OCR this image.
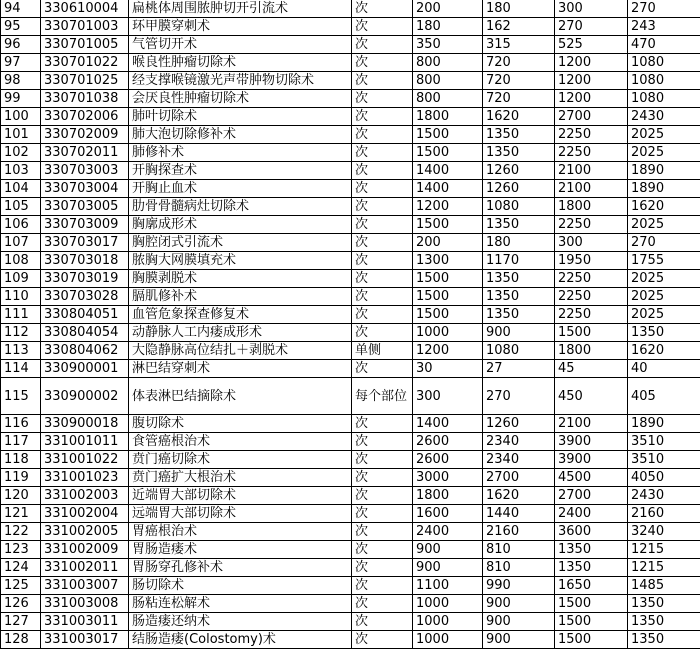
94	330610004	扁桃体周围脓肿切开引流术	次	200	180	300	270
95	330701003	环甲膜穿刺术	次	180	162	270	243
96	330701005	气管切开术	次	350	315	525	470
97	330701022	喉良性肿瘤切除术	次	800	720	1200	1080
98	330701025	经支撑喉镜激光声带肿物切除术	次	800	720	1200	1080
99	330701038	会厌良性肿瘤切除术	次	800	720	1200	1080
100	330702006	肺叶切除术	次	1800	1620	2700	2430
101	330702009	肺大泡切除修补术	次	1500	1350	2250	2025
102	330702011	肺修补术	次	1500	1350	2250	2025
103	330703003	开胸探查术	次	1400	1260	2100	1890
104	330703004	开胸止血术	次	1400	1260	2100	1890
105	330703005	肋骨骨髓病灶切除术	次	1200	1080	1800	1620
106	330703009	胸廓成形术	次	1500	1350	2250	2025
107	330703017	胸腔闭式引流术	次	200	180	300	270
108	330703018	脓胸大网膜填充术	次	1300	1170	1950	1755
109	330703019	胸膜剥脱术	次	1500	1350	2250	2025
110	330703028	膈肌修补术	次	1500	1350	2250	2025
111	330804051	血管危象探查修复术	次	1500	1350	2250	2025
112	330804054	动静脉人工内瘘成形术	次	1000	900	1500	1350
113	330804062	大隐静脉高位结扎＋剥脱术	单侧	1200	1080	1800	1620
114	330900001	淋巴结穿刺术	次	30	27	45	40
115	330900002	体表淋巴结摘除术	每个部位	300	270	450	405
116	330900018	腹切除术	次	1400	1260	2100	1890
117	331001011	食管癌根治术	次	2600	2340	3900	3510
118	331001022	贲门癌切除术	次	2600	2340	3900	3510
119	331001023	贲门癌扩大根治术	次	3000	2700	4500	4050
120	331002003	近端胃大部切除术	次	1800	1620	2700	2430
121	331002004	远端胃大部切除术	次	1600	1440	2400	2160
122	331002005	胃癌根治术	次	2400	2160	3600	3240
123	331002009	胃肠造瘘术	次	900	810	1350	1215
124	331002011	胃肠穿孔修补术	次	900	810	1350	1215
125	331003007	肠切除术	次	1100	990	1650	1485
126	331003008	肠粘连松解术	次	1000	900	1500	1350
127	331003011	肠造瘘还纳术	次	1000	900	1500	1350
128	331003017	结肠造瘘(Colostomy)术	次	1000	900	1500	1350
